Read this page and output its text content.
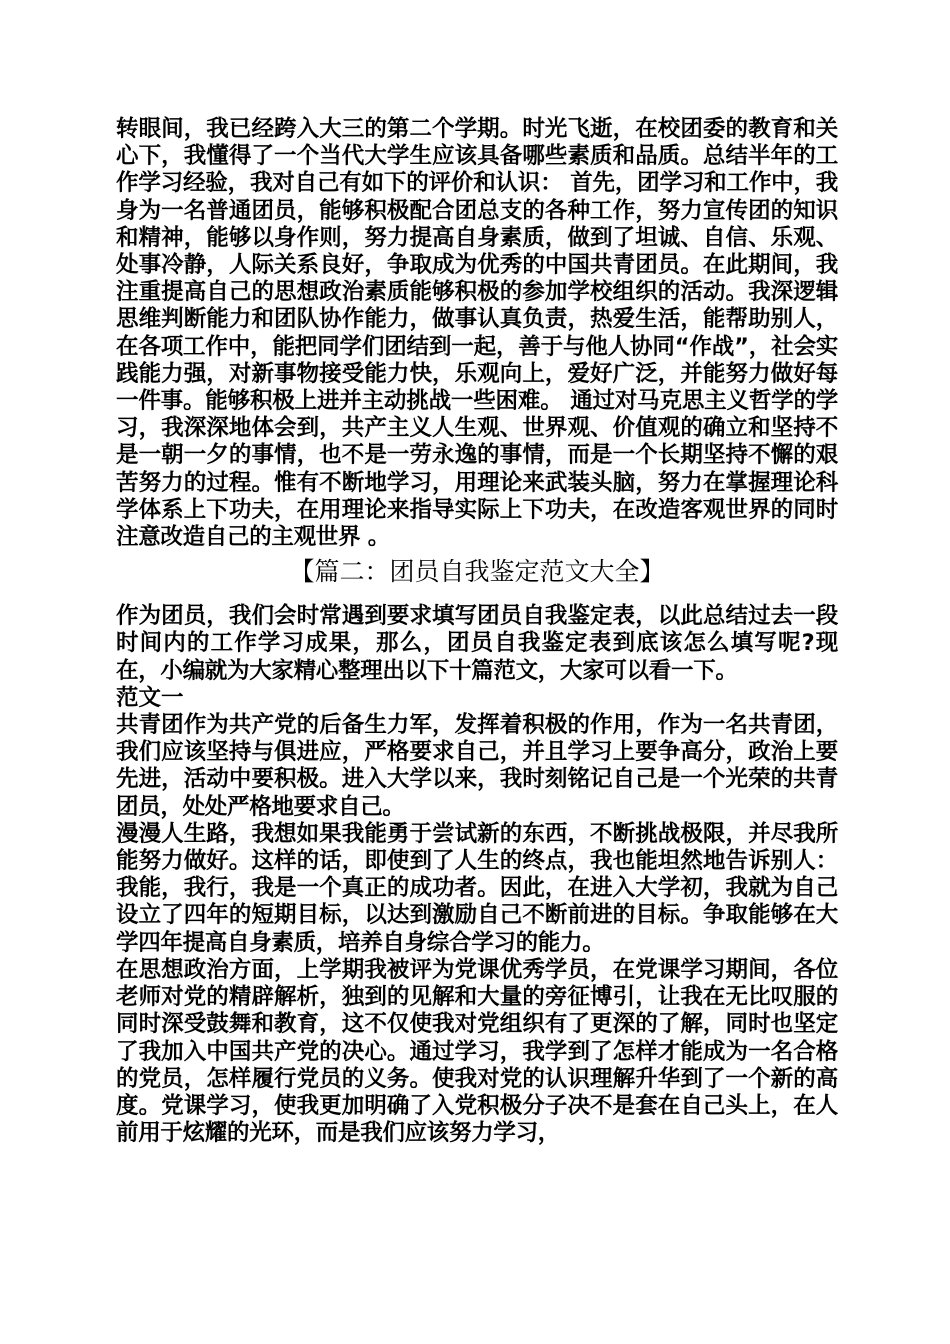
转眼间，我已经跨入大三的第二个学期。时光飞逝，在校团委的教育和关心下，我懂得了一个当代大学生应该具备哪些素质和品质。总结半年的工作学习经验，我对自己有如下的评价和认识： 首先，团学习和工作中，我身为一名普通团员，能够积极配合团总支的各种工作，努力宣传团的知识和精神，能够以身作则，努力提高自身素质，做到了坦诚、自信、乐观、处事冷静，人际关系良好，争取成为优秀的中国共青团员。在此期间，我注重提高自己的思想政治素质能够积极的参加学校组织的活动。我深逻辑思维判断能力和团队协作能力，做事认真负责，热爱生活，能帮助别人， 在各项工作中，能把同学们团结到一起，善于与他人协同“作战”，社会实践能力强，对新事物接受能力快，乐观向上，爱好广泛，并能努力做好每一件事。能够积极上进并主动挑战一些困难。 通过对马克思主义哲学的学习，我深深地体会到，共产主义人生观、世界观、价值观的确立和坚持不是一朝一夕的事情，也不是一劳永逸的事情，而是一个长期坚持不懈的艰苦努力的过程。惟有不断地学习，用理论来武装头脑，努力在掌握理论科学体系上下功夫，在用理论来指导实际上下功夫，在改造客观世界的同时注意改造自己的主观世界 。

【篇二：团员自我鉴定范文大全】

作为团员，我们会时常遇到要求填写团员自我鉴定表，以此总结过去一段时间内的工作学习成果，那么，团员自我鉴定表到底该怎么填写呢?现在，小编就为大家精心整理出以下十篇范文，大家可以看一下。

范文一

共青团作为共产党的后备生力军，发挥着积极的作用，作为一名共青团，我们应该坚持与俱进应，严格要求自己，并且学习上要争高分，政治上要先进，活动中要积极。进入大学以来，我时刻铭记自己是一个光荣的共青团员，处处严格地要求自己。

漫漫人生路，我想如果我能勇于尝试新的东西，不断挑战极限，并尽我所能努力做好。这样的话，即使到了人生的终点，我也能坦然地告诉别人：我能，我行，我是一个真正的成功者。因此，在进入大学初，我就为自己设立了四年的短期目标，以达到激励自己不断前进的目标。争取能够在大学四年提高自身素质，培养自身综合学习的能力。

在思想政治方面，上学期我被评为党课优秀学员，在党课学习期间，各位老师对党的精辟解析，独到的见解和大量的旁征博引，让我在无比叹服的同时深受鼓舞和教育，这不仅使我对党组织有了更深的了解，同时也坚定了我加入中国共产党的决心。通过学习，我学到了怎样才能成为一名合格的党员，怎样履行党员的义务。使我对党的认识理解升华到了一个新的高度。党课学习，使我更加明确了入党积极分子决不是套在自己头上，在人前用于炫耀的光环，而是我们应该努力学习，
